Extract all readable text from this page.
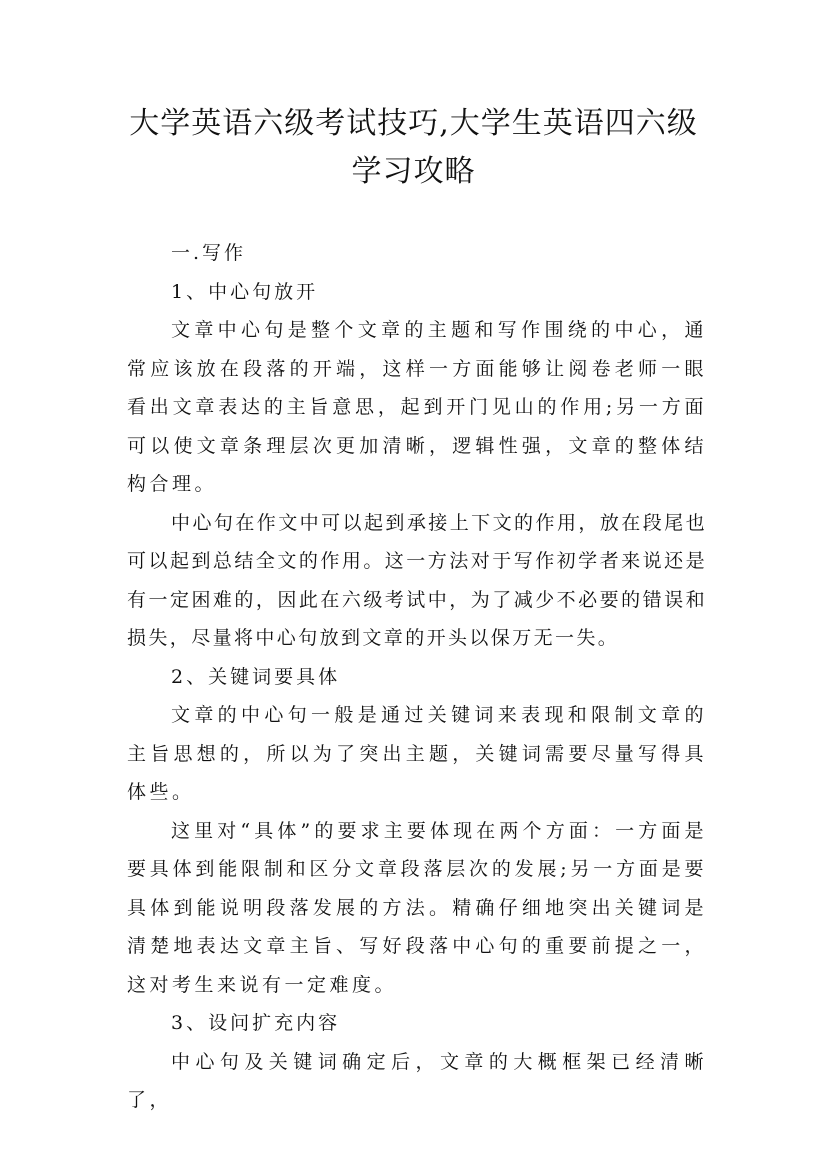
大学英语六级考试技巧,大学生英语四六级
学习攻略

一.写作

1、中心句放开

文章中心句是整个文章的主题和写作围绕的中心，通常应该放在段落的开端，这样一方面能够让阅卷老师一眼看出文章表达的主旨意思，起到开门见山的作用;另一方面可以使文章条理层次更加清晰，逻辑性强，文章的整体结构合理。

中心句在作文中可以起到承接上下文的作用，放在段尾也可以起到总结全文的作用。这一方法对于写作初学者来说还是有一定困难的，因此在六级考试中，为了减少不必要的错误和损失，尽量将中心句放到文章的开头以保万无一失。

2、关键词要具体

文章的中心句一般是通过关键词来表现和限制文章的主旨思想的，所以为了突出主题，关键词需要尽量写得具体些。

这里对“具体”的要求主要体现在两个方面：一方面是要具体到能限制和区分文章段落层次的发展;另一方面是要具体到能说明段落发展的方法。精确仔细地突出关键词是清楚地表达文章主旨、写好段落中心句的重要前提之一，这对考生来说有一定难度。

3、设问扩充内容

中心句及关键词确定后，文章的大概框架已经清晰了，
